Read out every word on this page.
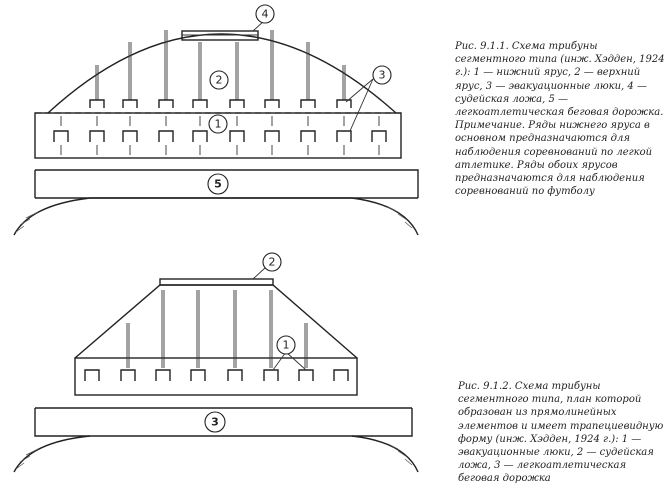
4
2	3
1
5
2
1
3
Рис. 9.1.1. Схема трибуны сегментного типа (инж. Хэдден, 1924 г.): 1 — нижний ярус, 2 — верхний ярус, 3 — эвакуационные люки, 4 — судейская ложа, 5 — легкоатлетическая беговая дорожка. Примечание. Ряды нижнего яруса в основном предназначаются для наблюдения соревнований по легкой атлетике. Ряды обоих ярусов предназначаются для наблюдения соревнований по футболу
Рис. 9.1.2. Схема трибуны сегментного типа, план которой образован из прямолинейных элементов и имеет трапециевидную форму (инж. Хэдден, 1924 г.): 1 — эвакуационные люки, 2 — судейская ложа, 3 — легкоатлетическая беговая дорожка
